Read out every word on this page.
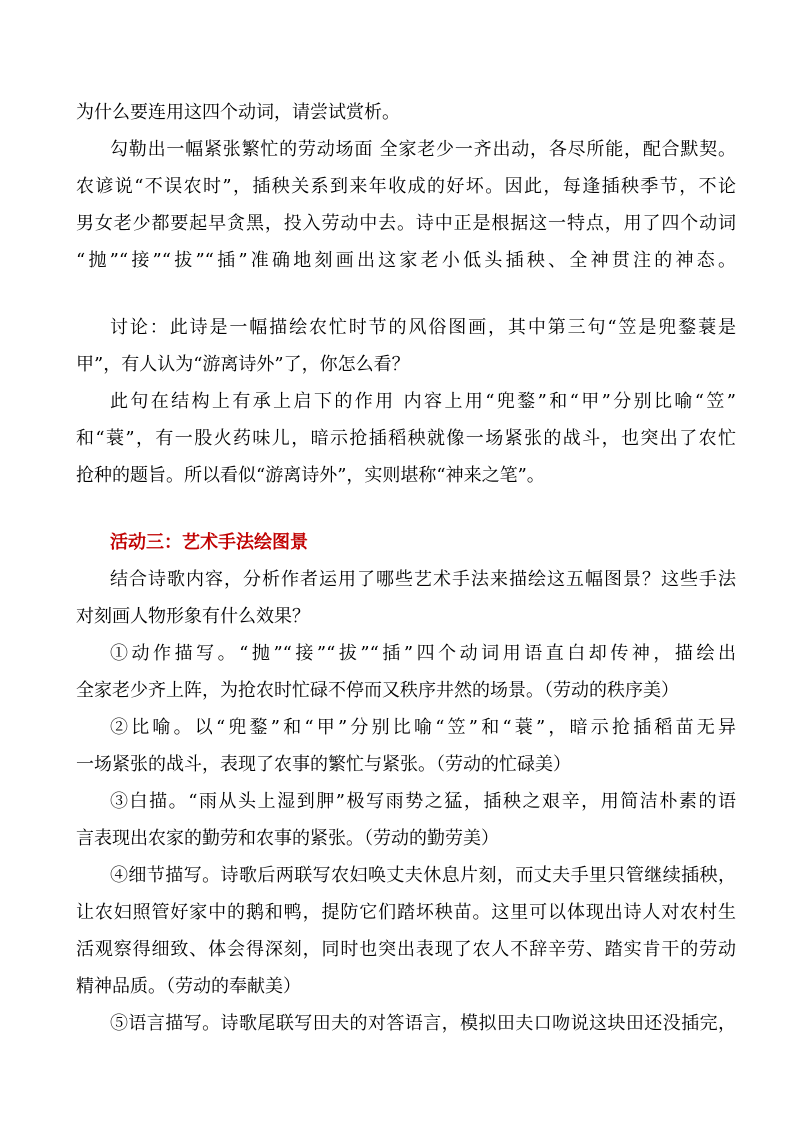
为什么要连用这四个动词，请尝试赏析。
勾勒出一幅紧张繁忙的劳动场面 全家老少一齐出动，各尽所能，配合默契。
农谚说“不误农时”，插秧关系到来年收成的好坏。因此，每逢插秧季节，不论
男女老少都要起早贪黑，投入劳动中去。诗中正是根据这一特点，用了四个动词
“抛”“接”“拔”“插”准确地刻画出这家老小低头插秧、全神贯注的神态。
讨论：此诗是一幅描绘农忙时节的风俗图画，其中第三句“笠是兜鍪蓑是
甲”，有人认为“游离诗外”了，你怎么看？
此句在结构上有承上启下的作用 内容上用“兜鍪”和“甲”分别比喻“笠”
和“蓑”，有一股火药味儿，暗示抢插稻秧就像一场紧张的战斗，也突出了农忙
抢种的题旨。所以看似“游离诗外”，实则堪称“神来之笔”。
活动三：艺术手法绘图景
结合诗歌内容，分析作者运用了哪些艺术手法来描绘这五幅图景？这些手法
对刻画人物形象有什么效果？
①动作描写。“抛”“接”“拔”“插”四个动词用语直白却传神，描绘出
全家老少齐上阵，为抢农时忙碌不停而又秩序井然的场景。（劳动的秩序美）
②比喻。以“兜鍪”和“甲”分别比喻“笠”和“蓑”，暗示抢插稻苗无异
一场紧张的战斗，表现了农事的繁忙与紧张。（劳动的忙碌美）
③白描。“雨从头上湿到胛”极写雨势之猛，插秧之艰辛，用简洁朴素的语
言表现出农家的勤劳和农事的紧张。（劳动的勤劳美）
④细节描写。诗歌后两联写农妇唤丈夫休息片刻，而丈夫手里只管继续插秧，
让农妇照管好家中的鹅和鸭，提防它们踏坏秧苗。这里可以体现出诗人对农村生
活观察得细致、体会得深刻，同时也突出表现了农人不辞辛劳、踏实肯干的劳动
精神品质。（劳动的奉献美）
⑤语言描写。诗歌尾联写田夫的对答语言，模拟田夫口吻说这块田还没插完，
